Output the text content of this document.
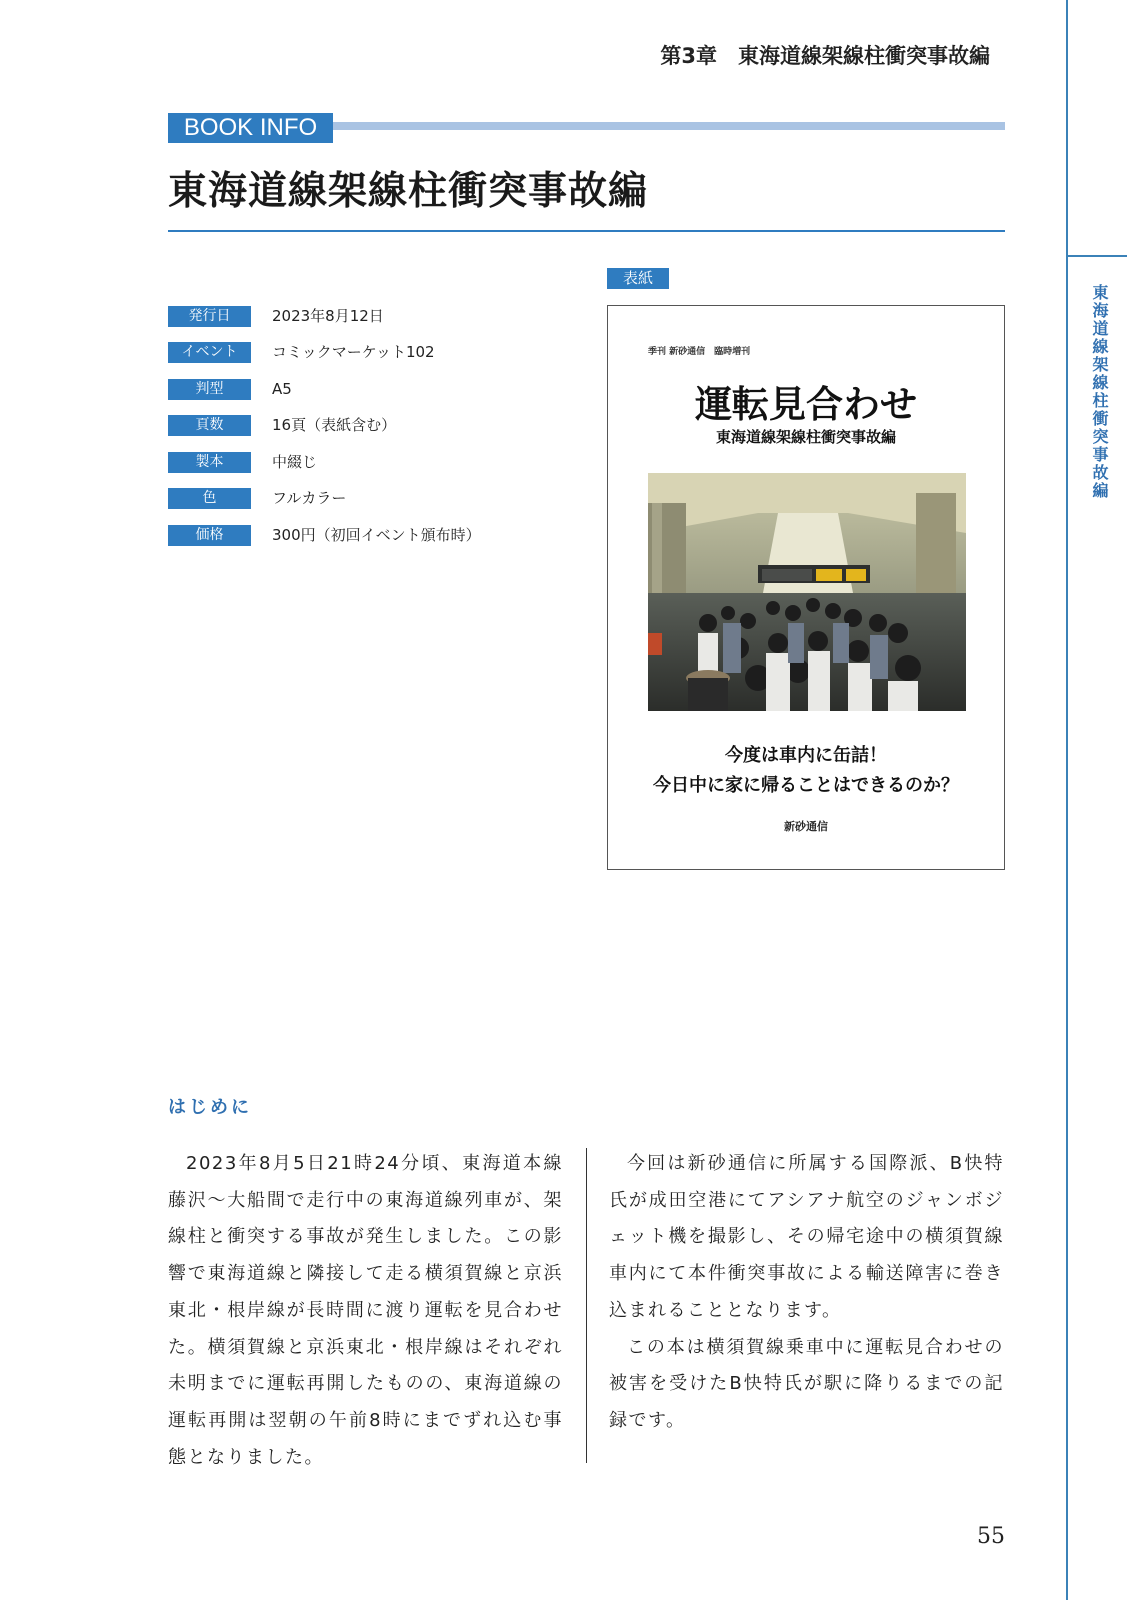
東海道線架線柱衝突事故編
第3章　東海道線架線柱衝突事故編
BOOK INFO
東海道線架線柱衝突事故編
発行日	2023年8月12日
イベント	コミックマーケット102
判型	A5
頁数	16頁（表紙含む）
製本	中綴じ
色	フルカラー
価格	300円（初回イベント頒布時）
表紙
季刊 新砂通信　臨時増刊
運転見合わせ
東海道線架線柱衝突事故編
今度は車内に缶詰！
今日中に家に帰ることはできるのか？
新砂通信
はじめに

2023年8月5日21時24分頃、東海道本線藤沢～大船間で走行中の東海道線列車が、架線柱と衝突する事故が発生しました。この影響で東海道線と隣接して走る横須賀線と京浜東北・根岸線が長時間に渡り運転を見合わせた。横須賀線と京浜東北・根岸線はそれぞれ未明までに運転再開したものの、東海道線の運転再開は翌朝の午前8時にまでずれ込む事態となりました。

今回は新砂通信に所属する国際派、B快特氏が成田空港にてアシアナ航空のジャンボジェット機を撮影し、その帰宅途中の横須賀線車内にて本件衝突事故による輸送障害に巻き込まれることとなります。

この本は横須賀線乗車中に運転見合わせの被害を受けたB快特氏が駅に降りるまでの記録です。

55
